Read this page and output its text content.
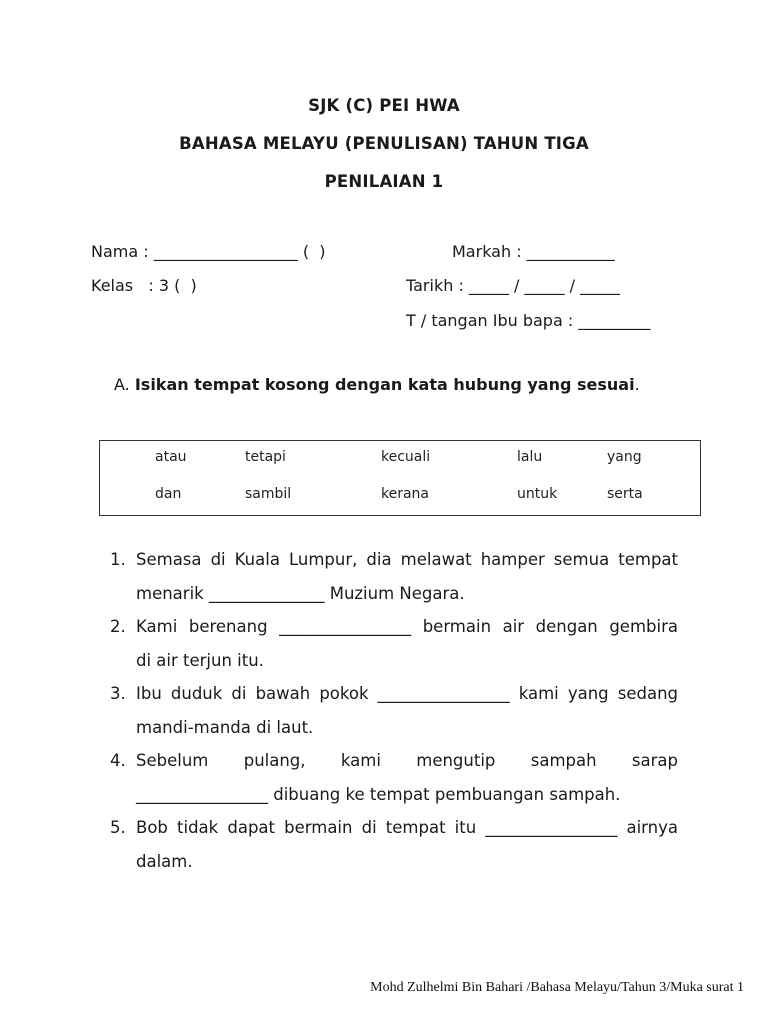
SJK (C) PEI HWA
BAHASA MELAYU (PENULISAN) TAHUN TIGA
PENILAIAN 1
Nama : __________________ (  )	Markah : ___________
Kelas   : 3 (  )	Tarikh : _____ / _____ / _____
T / tangan Ibu bapa : _________
A. Isikan tempat kosong dengan kata hubung yang sesuai.
atau	tetapi	kecuali	lalu	yang
dan	sambil	kerana	untuk	serta
1. Semasa di Kuala Lumpur, dia melawat hamper semua tempat
menarik ______________ Muzium Negara.
2. Kami berenang ________________ bermain air dengan gembira
di air terjun itu.
3. Ibu duduk di bawah pokok ________________ kami yang sedang
mandi-manda di laut.
4. Sebelum pulang, kami mengutip sampah sarap
________________ dibuang ke tempat pembuangan sampah.
5. Bob tidak dapat bermain di tempat itu ________________ airnya
dalam.
Mohd Zulhelmi Bin Bahari /Bahasa Melayu/Tahun 3/Muka surat 1
